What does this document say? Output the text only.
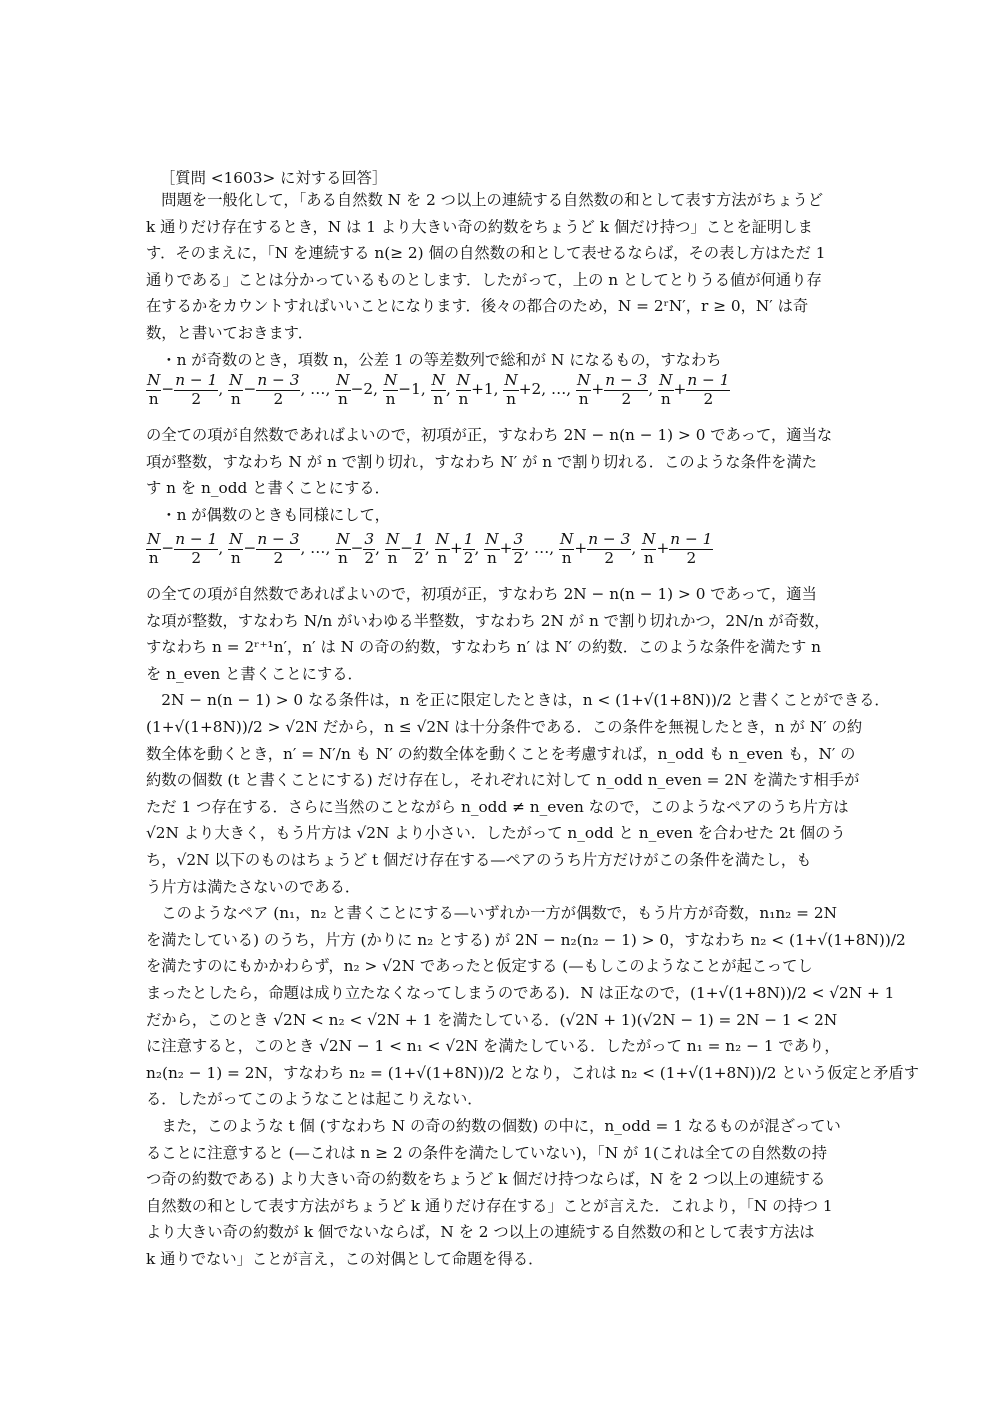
［質問 <1603> に対する回答］
　問題を一般化して，「ある自然数 N を 2 つ以上の連続する自然数の和として表す方法がちょうど
k 通りだけ存在するとき，N は 1 より大きい奇の約数をちょうど k 個だけ持つ」ことを証明しま
す．そのまえに，「N を連続する n(≥ 2) 個の自然数の和として表せるならば，その表し方はただ 1
通りである」ことは分かっているものとします．したがって，上の n としてとりうる値が何通り存
在するかをカウントすればいいことになります．後々の都合のため，N = 2ʳN′，r ≥ 0，N′ は奇
数，と書いておきます．
　・n が奇数のとき，項数 n，公差 1 の等差数列で総和が N になるもの，すなわち
$\frac{N}{n} - \frac{n - 1}{2}$ , $\frac{N}{n} - \frac{n - 3}{2}$ , …, $\frac{N}{n} -2$, $\frac{N}{n} -1$, $\frac{N}{n}$ , $\frac{N}{n} +1$, $\frac{N}{n} +2$, …, $\frac{N}{n} + \frac{n - 3}{2}$ , $\frac{N}{n} + \frac{n - 1}{2}$
の全ての項が自然数であればよいので，初項が正，すなわち 2N − n(n − 1) > 0 であって，適当な
項が整数，すなわち N が n で割り切れ，すなわち N′ が n で割り切れる．このような条件を満た
す n を n_odd と書くことにする．
　・n が偶数のときも同様にして，
$\frac{N}{n} - \frac{n - 1}{2}$ , $\frac{N}{n} - \frac{n - 3}{2}$ , …, $\frac{N}{n} - \frac{3}{2}$ , $\frac{N}{n} - \frac{1}{2}$ , $\frac{N}{n} + \frac{1}{2}$ , $\frac{N}{n} + \frac{3}{2}$ , …, $\frac{N}{n} + \frac{n - 3}{2}$ , $\frac{N}{n} + \frac{n - 1}{2}$
の全ての項が自然数であればよいので，初項が正，すなわち 2N − n(n − 1) > 0 であって，適当
な項が整数，すなわち N/n がいわゆる半整数，すなわち 2N が n で割り切れかつ，2N/n が奇数，
すなわち n = 2ʳ⁺¹n′，n′ は N の奇の約数，すなわち n′ は N′ の約数．このような条件を満たす n
を n_even と書くことにする．
　2N − n(n − 1) > 0 なる条件は，n を正に限定したときは，n < (1+√(1+8N))/2 と書くことができる．
(1+√(1+8N))/2 > √2N だから，n ≤ √2N は十分条件である．この条件を無視したとき，n が N′ の約
数全体を動くとき，n′ = N′/n も N′ の約数全体を動くことを考慮すれば，n_odd も n_even も，N′ の
約数の個数 (t と書くことにする) だけ存在し，それぞれに対して n_odd n_even = 2N を満たす相手が
ただ 1 つ存在する．さらに当然のことながら n_odd ≠ n_even なので，このようなペアのうち片方は
√2N より大きく，もう片方は √2N より小さい．したがって n_odd と n_even を合わせた 2t 個のう
ち，√2N 以下のものはちょうど t 個だけ存在する—ペアのうち片方だけがこの条件を満たし，も
う片方は満たさないのである．
　このようなペア (n₁，n₂ と書くことにする—いずれか一方が偶数で，もう片方が奇数，n₁n₂ = 2N
を満たしている) のうち，片方 (かりに n₂ とする) が 2N − n₂(n₂ − 1) > 0，すなわち n₂ < (1+√(1+8N))/2
を満たすのにもかかわらず，n₂ > √2N であったと仮定する (—もしこのようなことが起こってし
まったとしたら，命題は成り立たなくなってしまうのである)．N は正なので，(1+√(1+8N))/2 < √2N + 1
だから，このとき √2N < n₂ < √2N + 1 を満たしている．(√2N + 1)(√2N − 1) = 2N − 1 < 2N
に注意すると，このとき √2N − 1 < n₁ < √2N を満たしている．したがって n₁ = n₂ − 1 であり，
n₂(n₂ − 1) = 2N，すなわち n₂ = (1+√(1+8N))/2 となり，これは n₂ < (1+√(1+8N))/2 という仮定と矛盾す
る．したがってこのようなことは起こりえない．
　また，このような t 個 (すなわち N の奇の約数の個数) の中に，n_odd = 1 なるものが混ざってい
ることに注意すると (—これは n ≥ 2 の条件を満たしていない)，「N が 1(これは全ての自然数の持
つ奇の約数である) より大きい奇の約数をちょうど k 個だけ持つならば，N を 2 つ以上の連続する
自然数の和として表す方法がちょうど k 通りだけ存在する」ことが言えた．これより，「N の持つ 1
より大きい奇の約数が k 個でないならば，N を 2 つ以上の連続する自然数の和として表す方法は
k 通りでない」ことが言え，この対偶として命題を得る．
